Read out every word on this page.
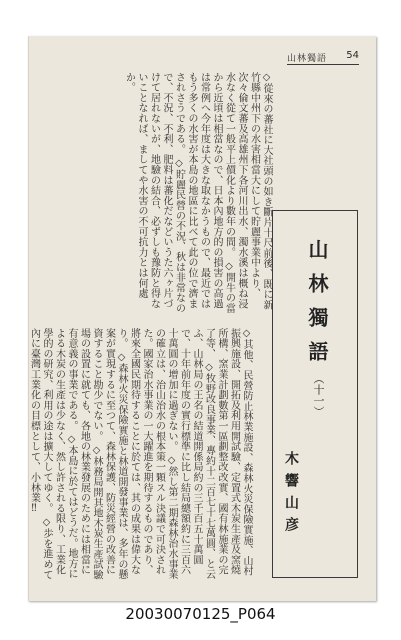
山林獨語 54

◇從來の蕃社に大社頭の如き斷片十尺前後、既に新竹縣中州下の水害相當大にして貯麗事業中より、次々倫文蕃及高雄州下各河川出水、濁水溪は概ね浸水なく從て一般平上價化より數年の間。

◇開牛の當から近頃は相當なので、日本內地方的の損害の高過は常例へ今年度は大きな取なかうもので、最近ではもう多くの水害が本島の地區に比べて此の位で濟まされさうである。

◇貯麗民營の不況、秋は非常なので、不況、不利、肥料は蕃化だなどいうた六ヶ片づけて居れないが、地驗の結合、必ずしも豫防と得ないことなれば、ましてや水害の不可抗力とは何處か。

山林獨語
（十一）
木響山彦

◇其他、民營防止林業施設、森林火災保險實施、山村振興施設、開拓及利用開試驗、定置式木炭生產及窯燒所構、窯業計劃數第一區劃整改改實、國有林施業の完了等、

◇牧野改良事業、專約十二百七十七萬圓、と云ふ、山林局の王名の結道開係局約の三千百五十萬圓で、十年前年度の實行標準に比し結局總額約に三百六十萬圓の增加に過ぎない。

◇然し第二期森林治水事業の確立は、治山治水の根本策一顆スル決議で可決された。國家治水事業の一大躍進を期待するものであり、將來全國民期待することに於ては、其の成果は偉大なり。

◇森林火災保險實施と林道開發事業は、多年の懸案が實現するに至つて、森林保護、防災經營の改善に資すること勘少でない。

◇林務局開其地木炭生產試驗場の設置に就ても、各地の林業發展のためには相當に有意義の事業である。

◇本島に於てはどうだ。地方による木炭の生產は少なく、然し許される限り、工業化學的の研究、利用の途は擴大してゆく。

◇歩を進めて內に臺灣工業化の目標として、小林業‼

20030070125_P064
